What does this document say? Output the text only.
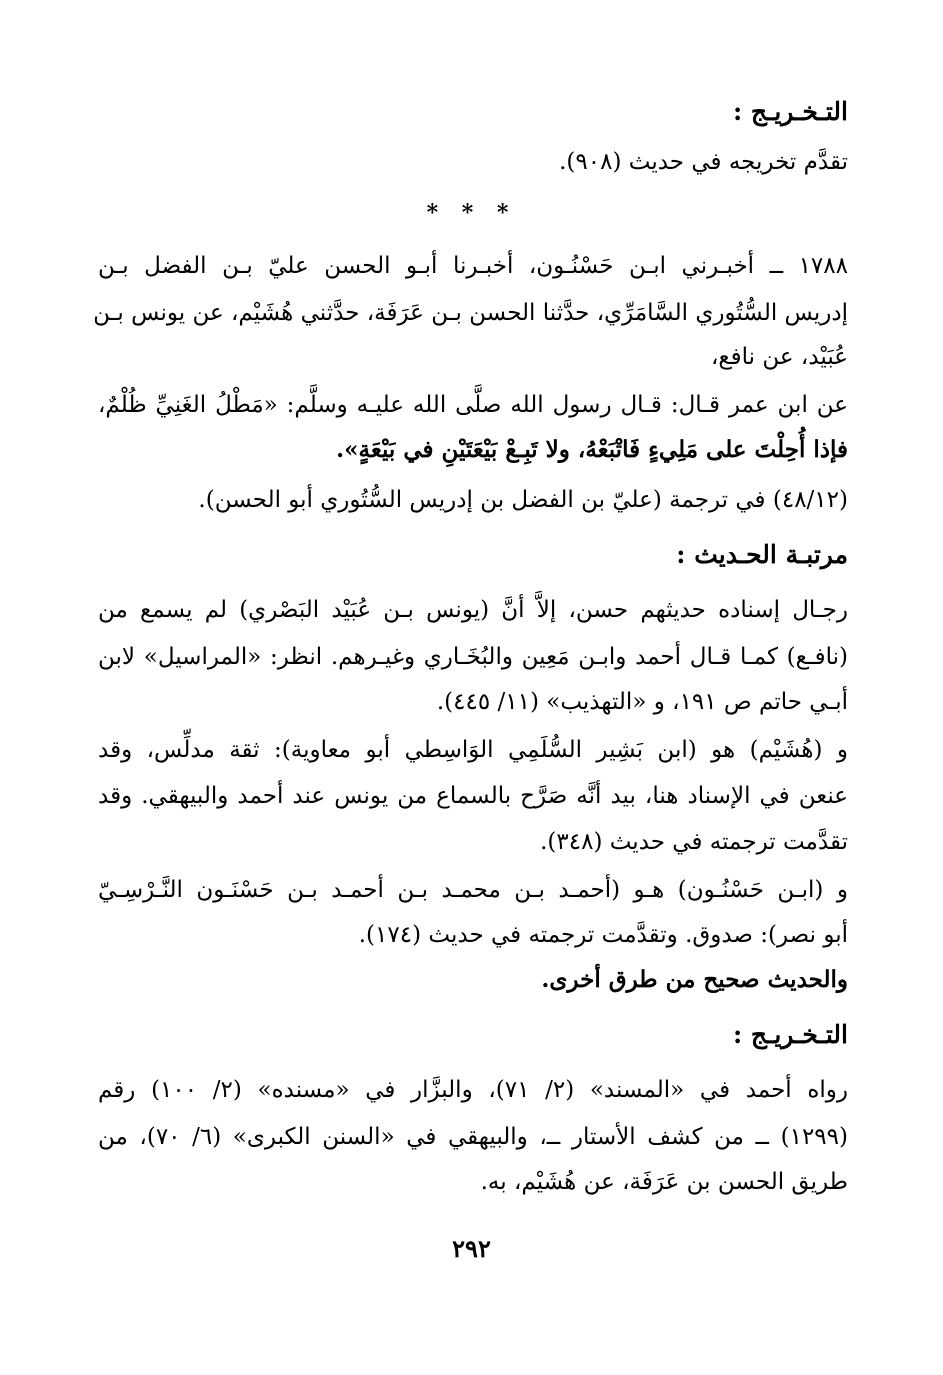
التـخـريـج :
تقدَّم تخريجه في حديث (٩٠٨).
* * *
١٧٨٨ ــ أخبـرني ابـن حَسْنُـون، أخبـرنا أبـو الحسن عليّ بـن الفضل بـن
إدريس السُّتُوري السَّامَرِّي، حدَّثنا الحسن بـن عَرَفَة، حدَّثني هُشَيْم، عن يونس بـن
عُبَيْد، عن نافع،
عن ابن عمر قـال: قـال رسول الله صلَّى الله عليـه وسلَّم: «مَطْلُ الغَنِيِّ ظُلْمٌ،
فإذا أُحِلْتَ على مَلِيءٍ فَاتْبَعْهُ، ولا تَبِـعْ بَيْعَتَيْنِ في بَيْعَةٍ».
(٤٨/١٢) في ترجمة (عليّ بن الفضل بن إدريس السُّتُوري أبو الحسن).
مرتبـة الحـديث :
رجـال إسناده حديثهم حسن، إلاَّ أنَّ (يونس بـن عُبَيْد البَصْري) لم يسمع من
(نافـع) كمـا قـال أحمد وابـن مَعِين والبُخَـاري وغيـرهم. انظر: «المراسيل» لابن
أبـي حاتم ص ١٩١، و «التهذيب» (١١/ ٤٤٥).
و (هُشَيْم) هو (ابن بَشِير السُّلَمِي الوَاسِطي أبو معاوية): ثقة مدلِّس، وقد
عنعن في الإسناد هنا، بيد أنَّه صَرَّح بالسماع من يونس عند أحمد والبيهقي. وقد
تقدَّمت ترجمته في حديث (٣٤٨).
و (ابـن حَسْنُـون) هـو (أحمـد بـن محمـد بـن أحمـد بـن حَسْنَـون النَّـرْسِـيّ
أبو نصر): صدوق. وتقدَّمت ترجمته في حديث (١٧٤).
والحديث صحيح من طرق أخرى.
التـخـريـج :
رواه أحمد في «المسند» (٢/ ٧١)، والبزَّار في «مسنده» (٢/ ١٠٠) رقم
(١٢٩٩) ــ من كشف الأستار ــ، والبيهقي في «السنن الكبرى» (٦/ ٧٠)، من
طريق الحسن بن عَرَفَة، عن هُشَيْم، به.
٢٩٢
